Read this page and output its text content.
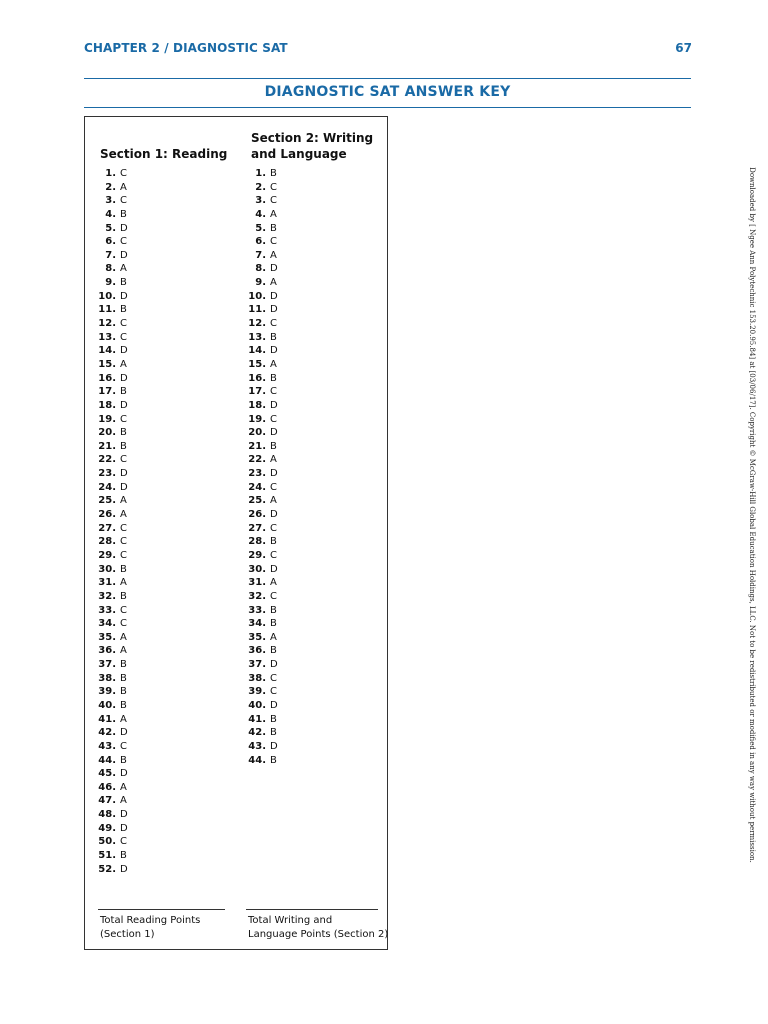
CHAPTER 2 / DIAGNOSTIC SAT	67
DIAGNOSTIC SAT ANSWER KEY
Section 1: Reading
Section 2: Writing
and Language
1. C
2. A
3. C
4. B
5. D
6. C
7. D
8. A
9. B
10. D
11. B
12. C
13. C
14. D
15. A
16. D
17. B
18. D
19. C
20. B
21. B
22. C
23. D
24. D
25. A
26. A
27. C
28. C
29. C
30. B
31. A
32. B
33. C
34. C
35. A
36. A
37. B
38. B
39. B
40. B
41. A
42. D
43. C
44. B
45. D
46. A
47. A
48. D
49. D
50. C
51. B
52. D
1. B
2. C
3. C
4. A
5. B
6. C
7. A
8. D
9. A
10. D
11. D
12. C
13. B
14. D
15. A
16. B
17. C
18. D
19. C
20. D
21. B
22. A
23. D
24. C
25. A
26. D
27. C
28. B
29. C
30. D
31. A
32. C
33. B
34. B
35. A
36. B
37. D
38. C
39. C
40. D
41. B
42. B
43. D
44. B
Total Reading Points
(Section 1)
Total Writing and
Language Points (Section 2)
Downloaded by [ Ngee Ann Polytechnic 153.20.95.84] at [03/06/17]. Copyright © McGraw-Hill Global Education Holdings, LLC. Not to be redistributed or modified in any way without permission.
